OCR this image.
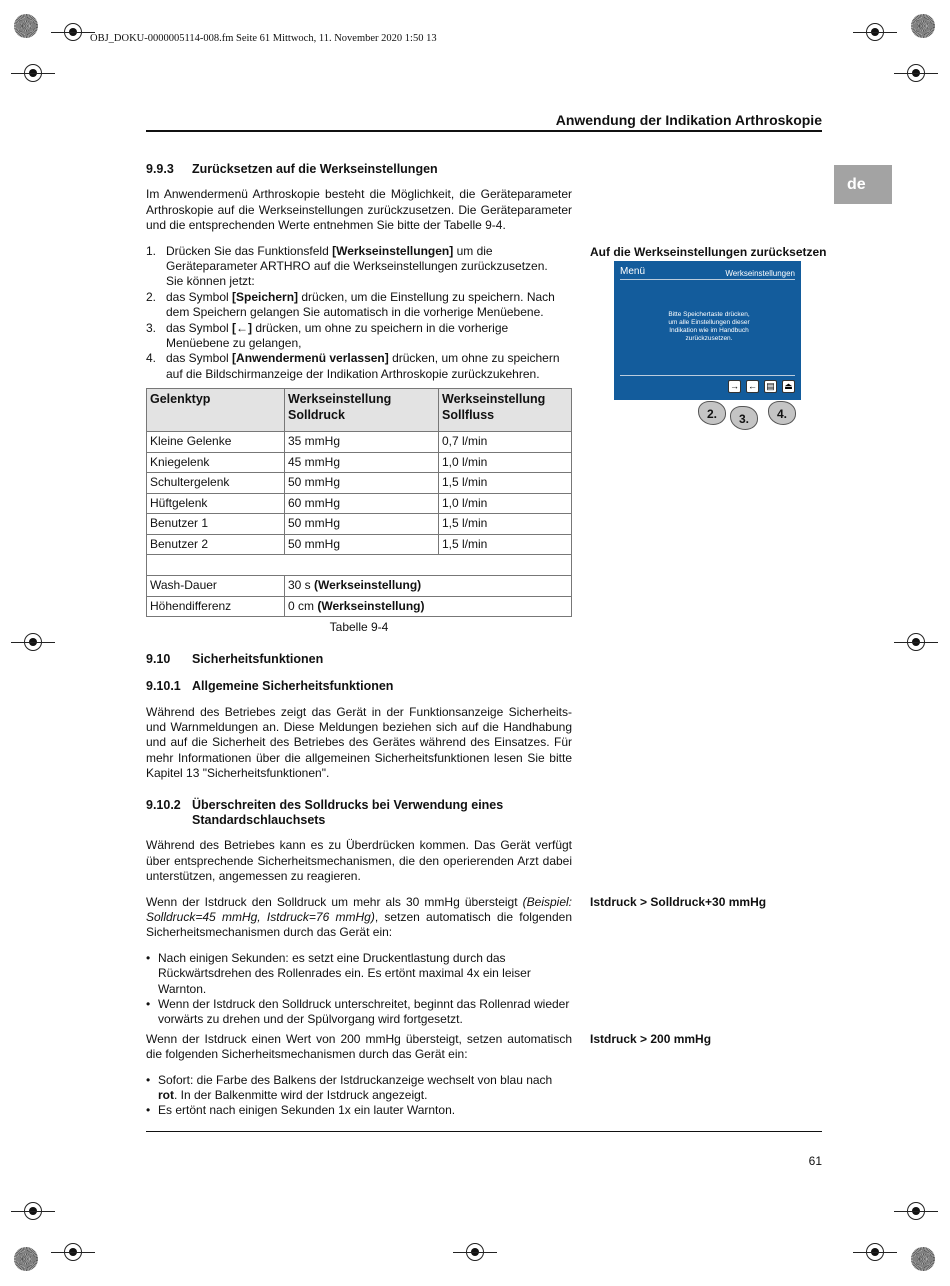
OBJ_DOKU-0000005114-008.fm Seite 61 Mittwoch, 11. November 2020 1:50 13
Anwendung der Indikation Arthroskopie
de
Auf die Werkseinstellungen zurücksetzen
Menü	Werkseinstellungen
Bitte Speichertaste drücken, um alle Einstellungen dieser Indikation wie im Handbuch zurückzusetzen.
→ ← ▤ ⏏
2.	3.	4.
9.9.3 Zurücksetzen auf die Werkseinstellungen

Im Anwendermenü Arthroskopie besteht die Möglichkeit, die Geräteparameter Arthroskopie auf die Werkseinstellungen zurückzusetzen. Die Geräteparameter und die entsprechenden Werte entnehmen Sie bitte der Tabelle 9-4.

1. Drücken Sie das Funktionsfeld [Werkseinstellungen] um die Geräteparameter ARTHRO auf die Werkseinstellungen zurückzusetzen.
Sie können jetzt:
2. das Symbol [Speichern] drücken, um die Einstellung zu speichern. Nach dem Speichern gelangen Sie automatisch in die vorherige Menüebene.
3. das Symbol [←] drücken, um ohne zu speichern in die vorherige Menüebene zu gelangen,
4. das Symbol [Anwendermenü verlassen] drücken, um ohne zu speichern auf die Bildschirmanzeige der Indikation Arthroskopie zurückzukehren.
Gelenktyp	Werkseinstellung Solldruck	Werkseinstellung Sollfluss
Kleine Gelenke	35 mmHg	0,7 l/min
Kniegelenk	45 mmHg	1,0 l/min
Schultergelenk	50 mmHg	1,5 l/min
Hüftgelenk	60 mmHg	1,0 l/min
Benutzer 1	50 mmHg	1,5 l/min
Benutzer 2	50 mmHg	1,5 l/min

Wash-Dauer	30 s (Werkseinstellung)	
Höhendifferenz	0 cm (Werkseinstellung)	
Tabelle 9-4
9.10 Sicherheitsfunktionen
9.10.1 Allgemeine Sicherheitsfunktionen

Während des Betriebes zeigt das Gerät in der Funktionsanzeige Sicherheits- und Warnmeldungen an. Diese Meldungen beziehen sich auf die Handhabung und auf die Sicherheit des Betriebes des Gerätes während des Einsatzes. Für mehr Informationen über die allgemeinen Sicherheitsfunktionen lesen Sie bitte Kapitel 13 "Sicherheitsfunktionen".

9.10.2 Überschreiten des Solldrucks bei Verwendung eines Standardschlauchsets

Während des Betriebes kann es zu Überdrücken kommen. Das Gerät verfügt über entsprechende Sicherheitsmechanismen, die den operierenden Arzt dabei unterstützen, angemessen zu reagieren.

Wenn der Istdruck den Solldruck um mehr als 30 mmHg übersteigt (Beispiel: Solldruck=45 mmHg, Istdruck=76 mmHg), setzen automatisch die folgenden Sicherheitsmechanismen durch das Gerät ein:

Istdruck > Solldruck+30 mmHg
• Nach einigen Sekunden: es setzt eine Druckentlastung durch das Rückwärtsdrehen des Rollenrades ein. Es ertönt maximal 4x ein leiser Warnton.
• Wenn der Istdruck den Solldruck unterschreitet, beginnt das Rollenrad wieder vorwärts zu drehen und der Spülvorgang wird fortgesetzt.

Wenn der Istdruck einen Wert von 200 mmHg übersteigt, setzen automatisch die folgenden Sicherheitsmechanismen durch das Gerät ein:

Istdruck > 200 mmHg
• Sofort: die Farbe des Balkens der Istdruckanzeige wechselt von blau nach rot. In der Balkenmitte wird der Istdruck angezeigt.
• Es ertönt nach einigen Sekunden 1x ein lauter Warnton.
61
